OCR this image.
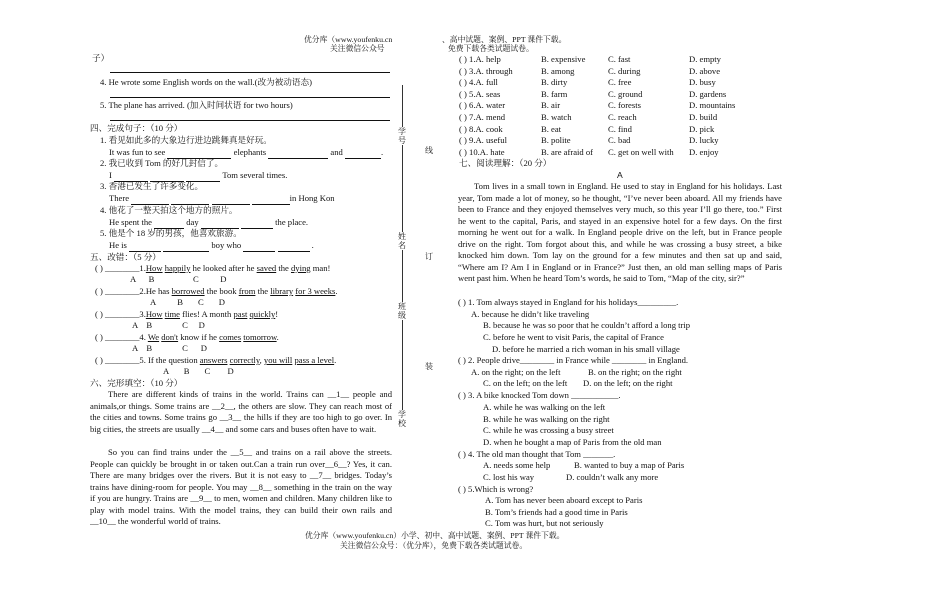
优分库（www.youfenku.cn
关注微信公众号
、高中试题、案例、PPT 课件下载。
免费下载各类试题试卷。
学号
线
姓名
订
班级
装
学校
子）
4. He wrote some English words on the wall.(改为被动语态)
5. The plane has arrived. (加入时间状语 for two hours)
四、完成句子：（10 分）
1. 看见如此多的大象边行进边跳舞真是好玩。
It was fun to see	elephants	and	.
2. 我已收到 Tom 的好几封信了。
I	Tom several times.
3. 香港已发生了许多变化。
There	in Hong Kon
4. 他花了一整天拍这个地方的照片。
He spent the	day	the place.
5. 他是个 18 岁的男孩，他喜欢旅游。
He is	boy who	.
五、改错：（5 分）
( ) ________1.How happily he looked after he saved the dying man!
A      B                  C          D
( ) ________2.He has borrowed the book from the library for 3 weeks.
A          B       C       D
( ) ________3.How time flies! A month past quickly!
A    B              C     D
( ) ________4. We don't know if he comes tomorrow.
A    B              C      D
( ) ________5. If the question answers correctly, you will pass a level.
A       B       C        D
六、完形填空：（10 分）
There are different kinds of trains in the world. Trains can __1__ people and animals,or things. Some trains are __2__, the others are slow. They can reach most of the cities and towns. Some trains go __3__ the hills if they are too high to go over. In big cities, the streets are usually __4__ and some cars and buses often have to wait.
So you can find trains under the __5__ and trains on a rail above the streets. People can quickly be brought in or taken out.Can a train run over__6__? Yes, it can. There are many bridges over the rivers. But it is not easy to __7__ bridges. Today’s trains have dining-room for people. You may __8__ something in the train on the way if you are hungry. Trains are __9__ to men, women and children. Many children like to play with model trains. With the model trains, they can build their own rails and __10__ the wonderful world of trains.
( ) 1.A. help	B. expensive	C. fast	D. empty
( ) 3.A. through	B. among	C. during	D. above
( ) 4.A. full	B. dirty	C. free	D. busy
( ) 5.A. seas	B. farm	C. ground	D. gardens
( ) 6.A. water	B. air	C. forests	D. mountains
( ) 7.A. mend	B. watch	C. reach	D. build
( ) 8.A. cook	B. eat	C. find	D. pick
( ) 9.A. useful	B. polite	C. bad	D. lucky
( ) 10.A. hate	B. are afraid of C. get on well with D. enjoy
七、阅读理解：（20 分）
A
Tom lives in a small town in England. He used to stay in England for his holidays. Last year, Tom made a lot of money, so he thought, “I’ve never been aboard. All my friends have been to France and they enjoyed themselves very much, so this year I’ll go there, too.” First he went to the capital, Paris, and stayed in an expensive hotel for a few days. On the first morning he went out for a walk. In England people drive on the left, but in France people drive on the right. Tom forgot about this, and while he was crossing a busy street, a bike knocked him down. Tom lay on the ground for a few minutes and then sat up and said, “Where am I? Am I in England or in France?” Just then, an old man selling maps of Paris went past him. When he heard Tom’s words, he said to Tom, “Map of the city, sir?”
( ) 1. Tom always stayed in England for his holidays_________.
A. because he didn’t like traveling
B. because he was so poor that he couldn’t afford a long trip
C. before he went to visit Paris, the capital of France
D. before he married a rich woman in his small village
( ) 2. People drive________ in France while ________ in England.
A. on the right; on the left	B. on the right; on the right
C. on the left; on the left D. on the left; on the right
( ) 3. A bike knocked Tom down ___________.
A. while he was walking on the left
B. while he was walking on the right
C. while he was crossing a busy street
D. when he bought a map of Paris from the old man
( ) 4. The old man thought that Tom _______.
A. needs some help	B. wanted to buy a map of Paris
C. lost his way	D. couldn’t walk any more
( ) 5.Which is wrong?
A. Tom has never been aboard except to Paris
B. Tom’s friends had a good time in Paris
C. Tom was hurt, but not seriously
优分库（www.youfenku.cn）小学、初中、高中试题、案例、PPT 课件下载。
关注微信公众号：（优分库），免费下载各类试题试卷。
